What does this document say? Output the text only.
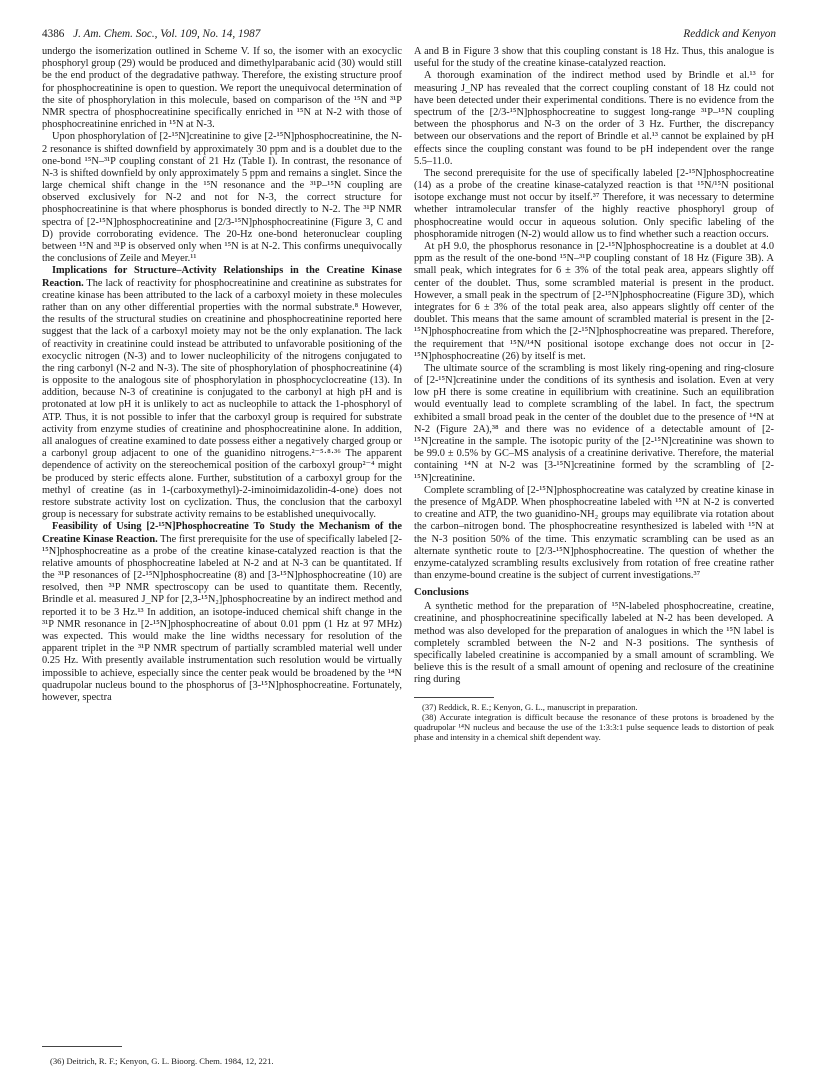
4386 J. Am. Chem. Soc., Vol. 109, No. 14, 1987	Reddick and Kenyon

undergo the isomerization outlined in Scheme V. If so, the isomer with an exocyclic phosphoryl group (29) would be produced and dimethylparabanic acid (30) would still be the end product of the degradative pathway. Therefore, the existing structure proof for phosphocreatinine is open to question. We report the unequivocal determination of the site of phosphorylation in this molecule, based on comparison of the ¹⁵N and ³¹P NMR spectra of phosphocreatinine specifically enriched in ¹⁵N at N-2 with those of phosphocreatinine enriched in ¹⁵N at N-3.

Upon phosphorylation of [2-¹⁵N]creatinine to give [2-¹⁵N]phosphocreatinine, the N-2 resonance is shifted downfield by approximately 30 ppm and is a doublet due to the one-bond ¹⁵N–³¹P coupling constant of 21 Hz (Table I). In contrast, the resonance of N-3 is shifted downfield by only approximately 5 ppm and remains a singlet. Since the large chemical shift change in the ¹⁵N resonance and the ³¹P–¹⁵N coupling are observed exclusively for N-2 and not for N-3, the correct structure for phosphocreatinine is that where phosphorus is bonded directly to N-2. The ³¹P NMR spectra of [2-¹⁵N]phosphocreatinine and [2/3-¹⁵N]phosphocreatinine (Figure 3, C and D) provide corroborating evidence. The 20-Hz one-bond heteronuclear coupling between ¹⁵N and ³¹P is observed only when ¹⁵N is at N-2. This confirms unequivocally the conclusions of Zeile and Meyer.¹¹

Implications for Structure–Activity Relationships in the Creatine Kinase Reaction. The lack of reactivity for phosphocreatinine and creatinine as substrates for creatine kinase has been attributed to the lack of a carboxyl moiety in these molecules rather than on any other differential properties with the normal substrate.⁸ However, the results of the structural studies on creatinine and phosphocreatinine reported here suggest that the lack of a carboxyl moiety may not be the only explanation. The lack of reactivity in creatinine could instead be attributed to unfavorable positioning of the exocyclic nitrogen (N-3) and to lower nucleophilicity of the nitrogens conjugated to the ring carbonyl (N-2 and N-3). The site of phosphorylation of phosphocreatinine (4) is opposite to the analogous site of phosphorylation in phosphocyclocreatine (13). In addition, because N-3 of creatinine is conjugated to the carbonyl at high pH and is protonated at low pH it is unlikely to act as nucleophile to attack the 1-phosphoryl of ATP. Thus, it is not possible to infer that the carboxyl group is required for substrate activity from enzyme studies of creatinine and phosphocreatinine alone. In addition, all analogues of creatine examined to date possess either a negatively charged group or a carbonyl group adjacent to one of the guanidino nitrogens.²⁻⁵·⁸·³⁶ The apparent dependence of activity on the stereochemical position of the carboxyl group²⁻⁴ might be produced by steric effects alone. Further, substitution of a carboxyl group for the methyl of creatine (as in 1-(carboxymethyl)-2-iminoimidazolidin-4-one) does not restore substrate activity lost on cyclization. Thus, the conclusion that the carboxyl group is necessary for substrate activity remains to be established unequivocally.

Feasibility of Using [2-¹⁵N]Phosphocreatine To Study the Mechanism of the Creatine Kinase Reaction. The first prerequisite for the use of specifically labeled [2-¹⁵N]phosphocreatine as a probe of the creatine kinase-catalyzed reaction is that the relative amounts of phosphocreatine labeled at N-2 and at N-3 can be quantitated. If the ³¹P resonances of [2-¹⁵N]phosphocreatine (8) and [3-¹⁵N]phosphocreatine (10) are resolved, then ³¹P NMR spectroscopy can be used to quantitate them. Recently, Brindle et al. measured J_NP for [2,3-¹⁵N₂]phosphocreatine by an indirect method and reported it to be 3 Hz.¹³ In addition, an isotope-induced chemical shift change in the ³¹P NMR resonance in [2-¹⁵N]phosphocreatine of about 0.01 ppm (1 Hz at 97 MHz) was expected. This would make the line widths necessary for resolution of the apparent triplet in the ³¹P NMR spectrum of partially scrambled material well under 0.25 Hz. With presently available instrumentation such resolution would be virtually impossible to achieve, especially since the center peak would be broadened by the ¹⁴N quadrupolar nucleus bound to the phosphorus of [3-¹⁵N]phosphocreatine. Fortunately, however, spectra

(36) Deitrich, R. F.; Kenyon, G. L. Bioorg. Chem. 1984, 12, 221.

A and B in Figure 3 show that this coupling constant is 18 Hz. Thus, this analogue is useful for the study of the creatine kinase-catalyzed reaction.

A thorough examination of the indirect method used by Brindle et al.¹³ for measuring J_NP has revealed that the correct coupling constant of 18 Hz could not have been detected under their experimental conditions. There is no evidence from the spectrum of the [2/3-¹⁵N]phosphocreatine to suggest long-range ³¹P–¹⁵N coupling between the phosphorus and N-3 on the order of 3 Hz. Further, the discrepancy between our observations and the report of Brindle et al.¹³ cannot be explained by pH effects since the coupling constant was found to be pH independent over the range 5.5–11.0.

The second prerequisite for the use of specifically labeled [2-¹⁵N]phosphocreatine (14) as a probe of the creatine kinase-catalyzed reaction is that ¹⁵N/¹⁵N positional isotope exchange must not occur by itself.³⁷ Therefore, it was necessary to determine whether intramolecular transfer of the highly reactive phosphoryl group of phosphocreatine would occur in aqueous solution. Only specific labeling of the phosphoramide nitrogen (N-2) would allow us to find whether such a reaction occurs.

At pH 9.0, the phosphorus resonance in [2-¹⁵N]phosphocreatine is a doublet at 4.0 ppm as the result of the one-bond ¹⁵N–³¹P coupling constant of 18 Hz (Figure 3B). A small peak, which integrates for 6 ± 3% of the total peak area, appears slightly off center of the doublet. Thus, some scrambled material is present in the product. However, a small peak in the spectrum of [2-¹⁵N]phosphocreatine (Figure 3D), which integrates for 6 ± 3% of the total peak area, also appears slightly off center of the doublet. This means that the same amount of scrambled material is present in the [2-¹⁵N]phosphocreatine from which the [2-¹⁵N]phosphocreatine was prepared. Therefore, the requirement that ¹⁵N/¹⁴N positional isotope exchange does not occur in [2-¹⁵N]phosphocreatine (26) by itself is met.

The ultimate source of the scrambling is most likely ring-opening and ring-closure of [2-¹⁵N]creatinine under the conditions of its synthesis and isolation. Even at very low pH there is some creatine in equilibrium with creatinine. Such an equilibration would eventually lead to complete scrambling of the label. In fact, the spectrum exhibited a small broad peak in the center of the doublet due to the presence of ¹⁴N at N-2 (Figure 2A),³⁸ and there was no evidence of a detectable amount of [2-¹⁵N]creatine in the sample. The isotopic purity of the [2-¹⁵N]creatinine was shown to be 99.0 ± 0.5% by GC–MS analysis of a creatinine derivative. Therefore, the material containing ¹⁴N at N-2 was [3-¹⁵N]creatinine formed by the scrambling of [2-¹⁵N]creatinine.

Complete scrambling of [2-¹⁵N]phosphocreatine was catalyzed by creatine kinase in the presence of MgADP. When phosphocreatine labeled with ¹⁵N at N-2 is converted to creatine and ATP, the two guanidino-NH₂ groups may equilibrate via rotation about the carbon–nitrogen bond. The phosphocreatine resynthesized is labeled with ¹⁵N at the N-3 position 50% of the time. This enzymatic scrambling can be used as an alternate synthetic route to [2/3-¹⁵N]phosphocreatine. The question of whether the enzyme-catalyzed scrambling results exclusively from rotation of free creatine rather than enzyme-bound creatine is the subject of current investigations.³⁷

Conclusions

A synthetic method for the preparation of ¹⁵N-labeled phosphocreatine, creatine, creatinine, and phosphocreatinine specifically labeled at N-2 has been developed. A method was also developed for the preparation of analogues in which the ¹⁵N label is completely scrambled between the N-2 and N-3 positions. The synthesis of specifically labeled creatinine is accompanied by a small amount of scrambling. We believe this is the result of a small amount of opening and reclosure of the creatinine ring during

(37) Reddick, R. E.; Kenyon, G. L., manuscript in preparation.

(38) Accurate integration is difficult because the resonance of these protons is broadened by the quadrupolar ¹⁴N nucleus and because the use of the 1:3:3:1 pulse sequence leads to distortion of peak phase and intensity in a chemical shift dependent way.
